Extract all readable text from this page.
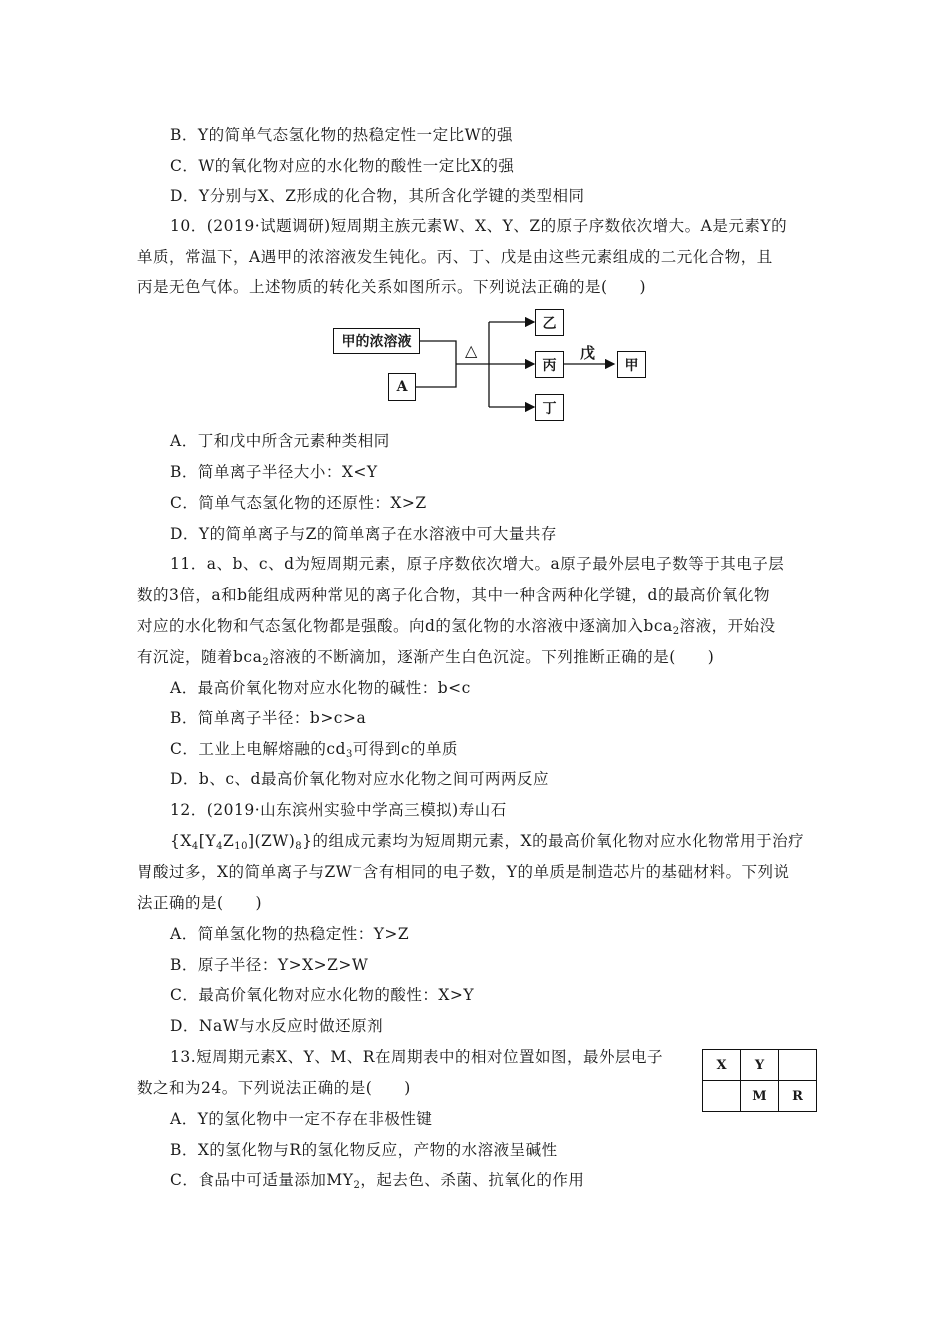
B．Y的简单气态氢化物的热稳定性一定比W的强
C．W的氧化物对应的水化物的酸性一定比X的强
D．Y分别与X、Z形成的化合物，其所含化学键的类型相同
10．(2019·试题调研)短周期主族元素W、X、Y、Z的原子序数依次增大。A是元素Y的
单质，常温下，A遇甲的浓溶液发生钝化。丙、丁、戊是由这些元素组成的二元化合物，且
丙是无色气体。上述物质的转化关系如图所示。下列说法正确的是(　　)
甲的浓溶液
A
△
乙
丙
丁
戊
甲
A．丁和戊中所含元素种类相同
B．简单离子半径大小：X<Y
C．简单气态氢化物的还原性：X>Z
D．Y的简单离子与Z的简单离子在水溶液中可大量共存
11．a、b、c、d为短周期元素，原子序数依次增大。a原子最外层电子数等于其电子层
数的3倍，a和b能组成两种常见的离子化合物，其中一种含两种化学键，d的最高价氧化物
对应的水化物和气态氢化物都是强酸。向d的氢化物的水溶液中逐滴加入bca$_2$溶液，开始没
有沉淀，随着bca$_2$溶液的不断滴加，逐渐产生白色沉淀。下列推断正确的是(　　)
A．最高价氧化物对应水化物的碱性：b<c
B．简单离子半径：b>c>a
C．工业上电解熔融的$cd_3$可得到c的单质
D．b、c、d最高价氧化物对应水化物之间可两两反应
12．(2019·山东滨州实验中学高三模拟)寿山石
$\{X_4[Y_4Z_{10}](ZW)_8\}$的组成元素均为短周期元素，X的最高价氧化物对应水化物常用于治疗
胃酸过多，X的简单离子与ZW－含有相同的电子数，Y的单质是制造芯片的基础材料。下列说
法正确的是(　　)
A．简单氢化物的热稳定性：Y>Z
B．原子半径：Y>X>Z>W
C．最高价氧化物对应水化物的酸性：X>Y
D．NaW与水反应时做还原剂
13.短周期元素X、Y、M、R在周期表中的相对位置如图，最外层电子
数之和为24。下列说法正确的是(　　)
X	Y	
	M	R
A．Y的氢化物中一定不存在非极性键
B．X的氢化物与R的氢化物反应，产物的水溶液呈碱性
C．食品中可适量添加$MY_2$，起去色、杀菌、抗氧化的作用
